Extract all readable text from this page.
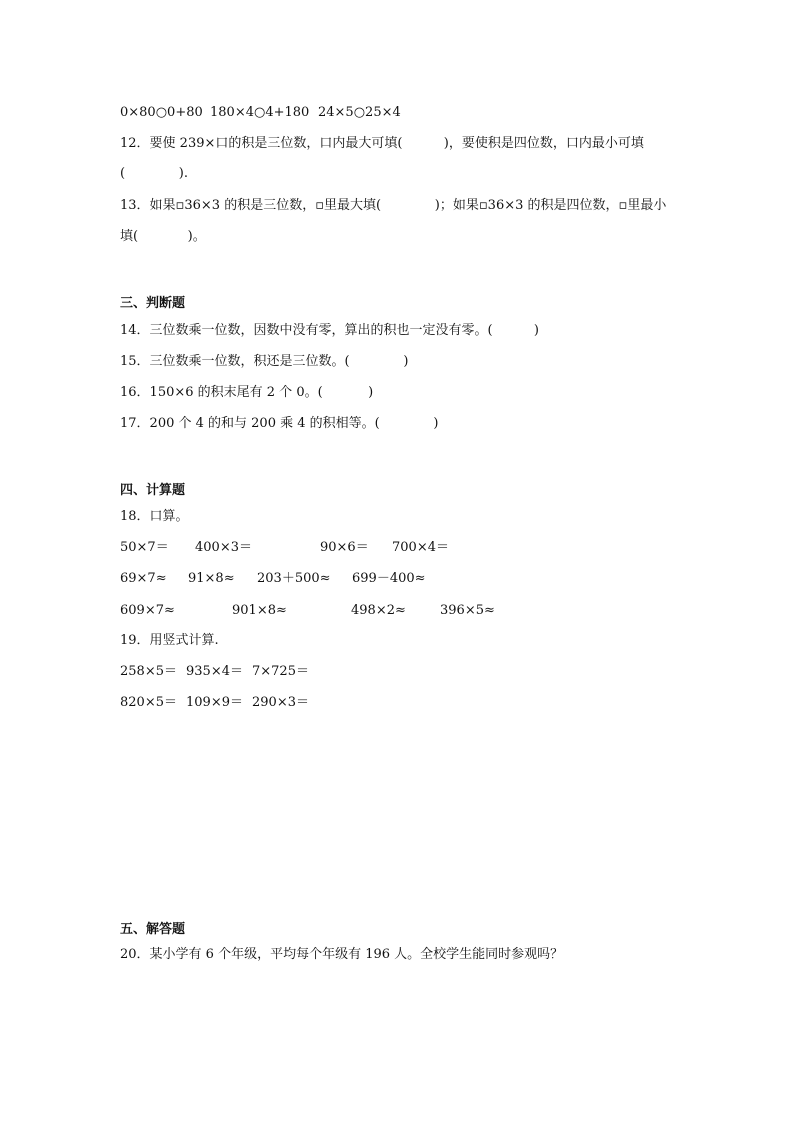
0×80○0+80 180×4○4+180 24×5○25×4
12．要使 239×口的积是三位数，口内最大可填(          )，要使积是四位数，口内最小可填
(             ).
13．如果▫36×3 的积是三位数，▫里最大填(             )；如果▫36×3 的积是四位数，▫里最小
填(            )。
三、判断题
14．三位数乘一位数，因数中没有零，算出的积也一定没有零。(          )
15．三位数乘一位数，积还是三位数。(             )
16．150×6 的积末尾有 2 个 0。(           )
17．200 个 4 的和与 200 乘 4 的积相等。(             )
四、计算题
18．口算。
50×7＝ 400×3＝	90×6＝ 700×4＝
69×7≈ 91×8≈ 203＋500≈ 699－400≈
609×7≈	901×8≈	498×2≈	396×5≈
19．用竖式计算.
258×5＝ 935×4＝ 7×725＝
820×5＝ 109×9＝ 290×3＝
五、解答题
20．某小学有 6 个年级，平均每个年级有 196 人。全校学生能同时参观吗？
